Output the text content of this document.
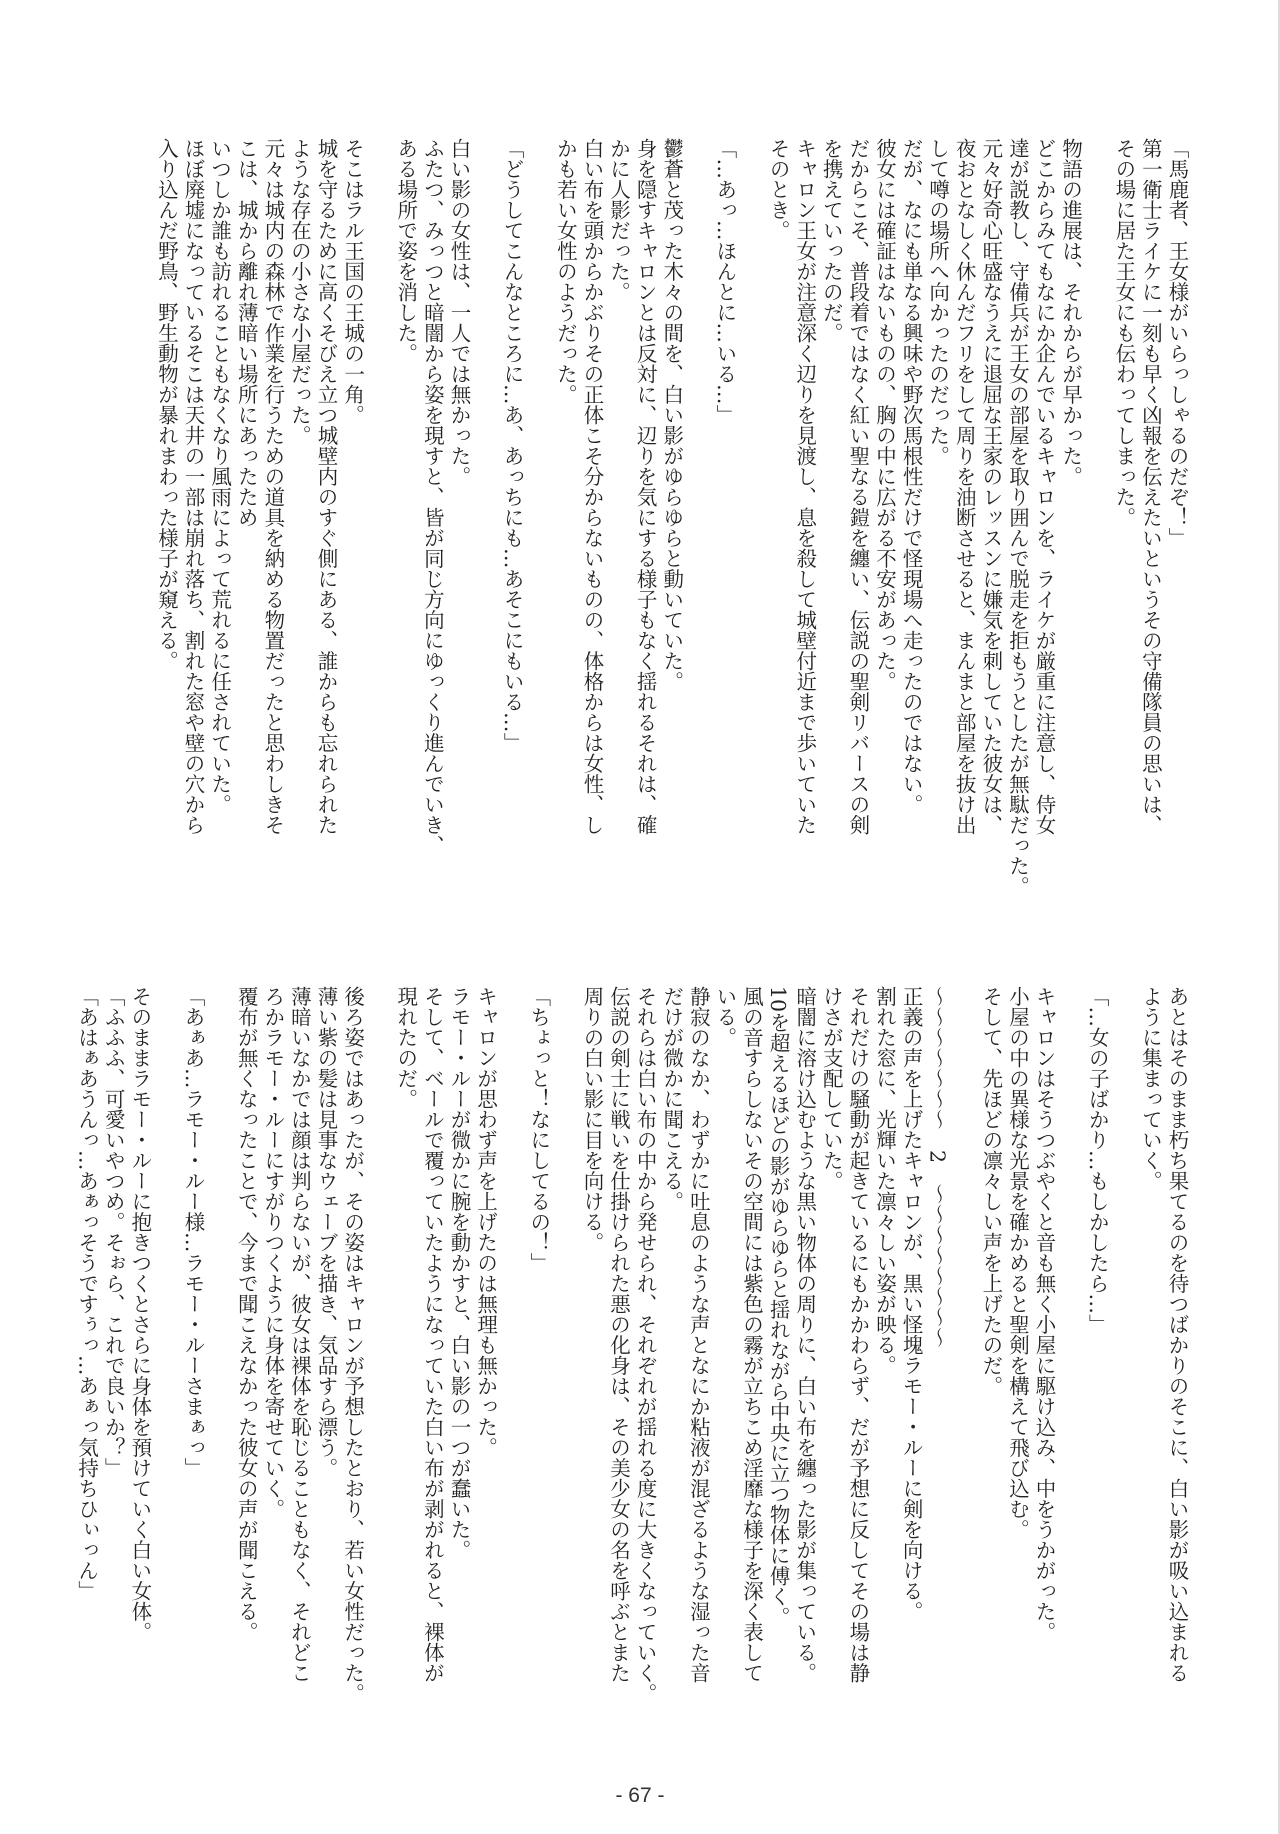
「馬鹿者、王女様がいらっしゃるのだぞ！」
第一衛士ライケに一刻も早く凶報を伝えたいというその守備隊員の思いは、
その場に居た王女にも伝わってしまった。
物語の進展は、それからが早かった。
どこからみてもなにか企んでいるキャロンを、ライケが厳重に注意し、侍女
達が説教し、守備兵が王女の部屋を取り囲んで脱走を拒もうとしたが無駄だった。
元々好奇心旺盛なうえに退屈な王家のレッスンに嫌気を刺していた彼女は、
夜おとなしく休んだフリをして周りを油断させると、まんまと部屋を抜け出
して噂の場所へ向かったのだった。
だが、なにも単なる興味や野次馬根性だけで怪現場へ走ったのではない。
彼女には確証はないものの、胸の中に広がる不安があった。
だからこそ、普段着ではなく紅い聖なる鎧を纏い、伝説の聖剣リバースの剣
を携えていったのだ。
キャロン王女が注意深く辺りを見渡し、息を殺して城壁付近まで歩いていた
そのとき。
「…あっ…ほんとに…いる…」
鬱蒼と茂った木々の間を、白い影がゆらゆらと動いていた。
身を隠すキャロンとは反対に、辺りを気にする様子もなく揺れるそれは、確
かに人影だった。
白い布を頭からかぶりその正体こそ分からないものの、体格からは女性、し
かも若い女性のようだった。
「どうしてこんなところに…あ、あっちにも…あそこにもいる…」
白い影の女性は、一人では無かった。
ふたつ、みっつと暗闇から姿を現すと、皆が同じ方向にゆっくり進んでいき、
ある場所で姿を消した。
そこはラル王国の王城の一角。
城を守るために高くそびえ立つ城壁内のすぐ側にある、誰からも忘れられた
ような存在の小さな小屋だった。
元々は城内の森林で作業を行うための道具を納める物置だったと思わしきそ
こは、城から離れ薄暗い場所にあったため
いつしか誰も訪れることもなくなり風雨によって荒れるに任されていた。
ほぼ廃墟になっているそこは天井の一部は崩れ落ち、割れた窓や壁の穴から
入り込んだ野鳥、野生動物が暴れまわった様子が窺える。
あとはそのまま朽ち果てるのを待つばかりのそこに、白い影が吸い込まれる
ように集まっていく。
「…女の子ばかり…もしかしたら…」
キャロンはそうつぶやくと音も無く小屋に駆け込み、中をうかがった。
小屋の中の異様な光景を確かめると聖剣を構えて飛び込む。
そして、先ほどの凛々しい声を上げたのだ。
〜〜〜〜〜〜〜　2　〜〜〜〜〜〜〜〜
正義の声を上げたキャロンが、黒い怪塊ラモー・ルーに剣を向ける。
割れた窓に、光輝いた凛々しい姿が映る。
それだけの騒動が起きているにもかかわらず、だが予想に反してその場は静
けさが支配していた。
暗闇に溶け込むような黒い物体の周りに、白い布を纏った影が集っている。
10を超えるほどの影がゆらゆらと揺れながら中央に立つ物体に傅く。
風の音すらしないその空間には紫色の霧が立ちこめ淫靡な様子を深く表して
いる。
静寂のなか、わずかに吐息のような声となにか粘液が混ざるような湿った音
だけが微かに聞こえる。
それらは白い布の中から発せられ、それぞれが揺れる度に大きくなっていく。
伝説の剣士に戦いを仕掛けられた悪の化身は、その美少女の名を呼ぶとまた
周りの白い影に目を向ける。
「ちょっと！なにしてるの！」
キャロンが思わず声を上げたのは無理も無かった。
ラモー・ルーが微かに腕を動かすと、白い影の一つが蠢いた。
そして、ベールで覆っていたようになっていた白い布が剥がれると、裸体が
現れたのだ。
後ろ姿ではあったが、その姿はキャロンが予想したとおり、若い女性だった。
薄い紫の髪は見事なウェーブを描き、気品すら漂う。
薄暗いなかでは顔は判らないが、彼女は裸体を恥じることもなく、それどこ
ろかラモー・ルーにすがりつくように身体を寄せていく。
覆布が無くなったことで、今まで聞こえなかった彼女の声が聞こえる。
「あぁあ…ラモー・ルー様…ラモー・ルーさまぁっ」
そのままラモー・ルーに抱きつくとさらに身体を預けていく白い女体。
「ふふふ、可愛いやつめ。そぉら、これで良いか？」
「あはぁあうんっ…あぁっそうですぅっ…あぁっ気持ちひぃっん」
- 67 -
